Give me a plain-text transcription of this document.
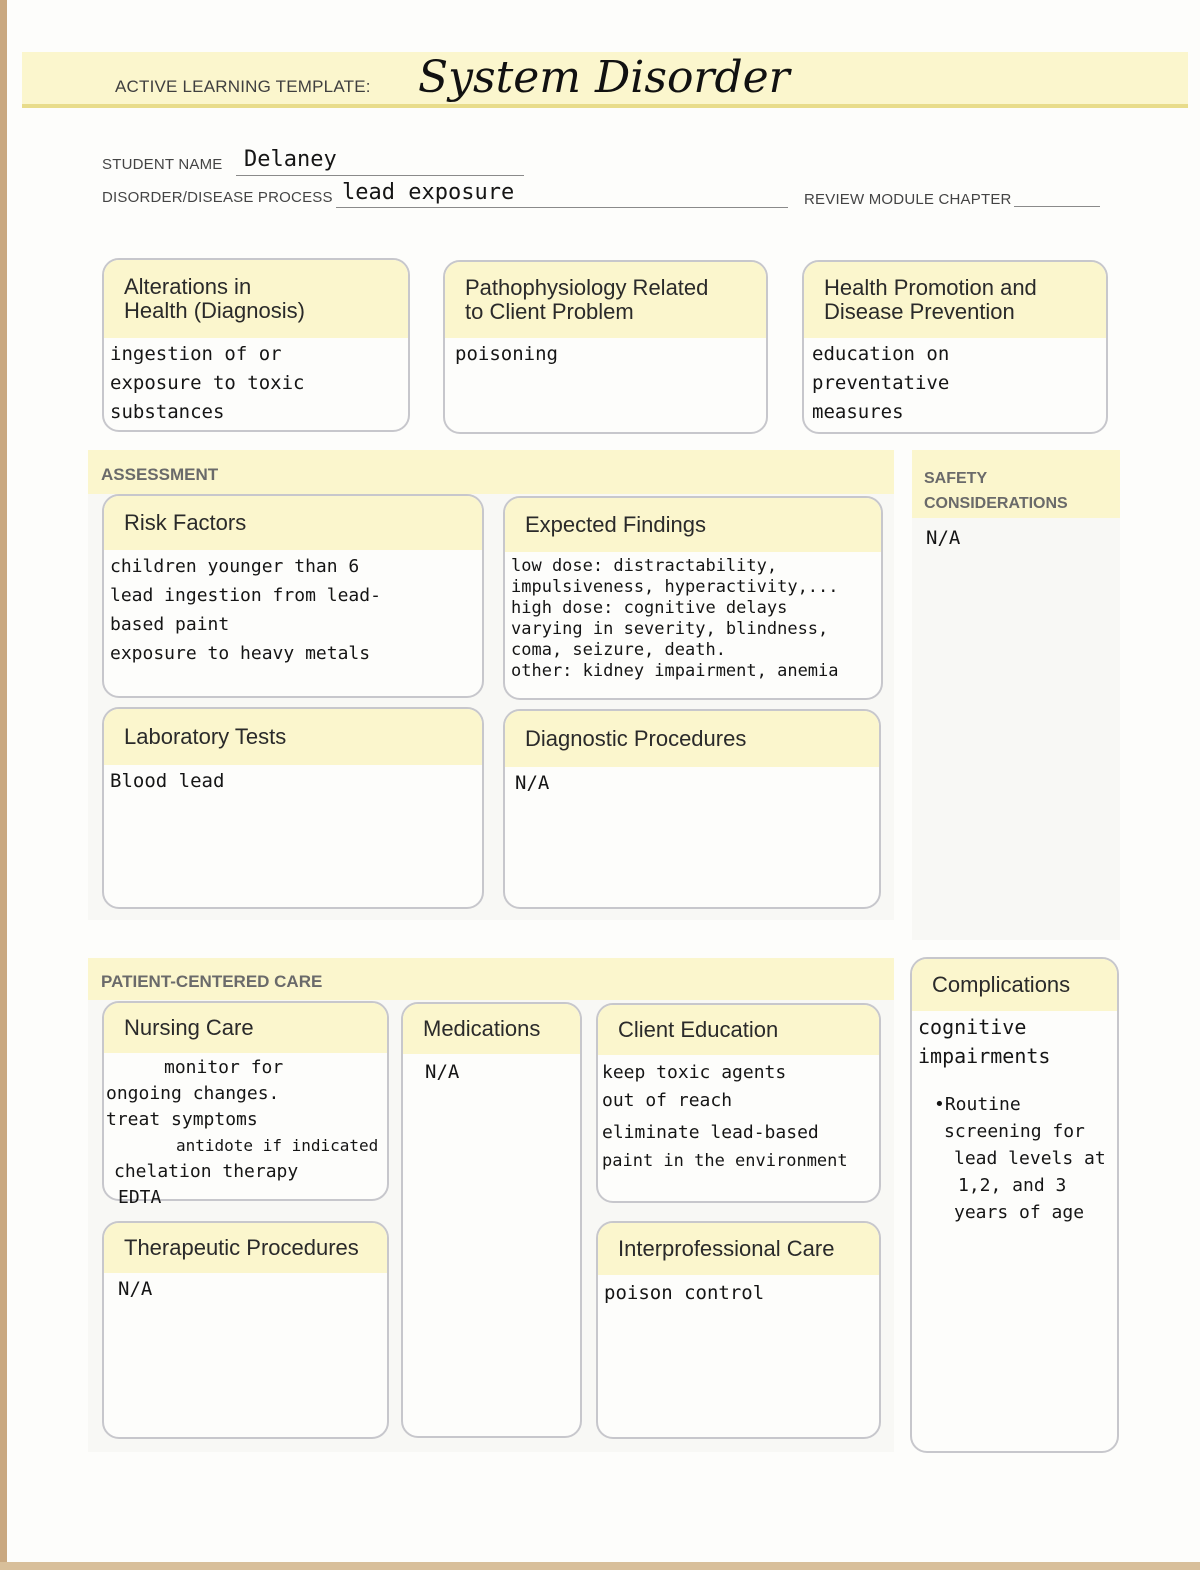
ACTIVE LEARNING TEMPLATE: System Disorder
STUDENT NAME Delaney
DISORDER/DISEASE PROCESS lead exposure	REVIEW MODULE CHAPTER
Alterations in
Health (Diagnosis)
ingestion of or
exposure to toxic
substances
Pathophysiology Related
to Client Problem
poisoning
Health Promotion and
Disease Prevention
education on
preventative
measures
ASSESSMENT	SAFETY
CONSIDERATIONS
N/A
Risk Factors
children younger than 6
lead ingestion from lead-
based paint
exposure to heavy metals
Expected Findings
low dose: distractability,
impulsiveness, hyperactivity,...
high dose: cognitive delays
varying in severity, blindness,
coma, seizure, death.
other: kidney impairment, anemia
Laboratory Tests
Blood lead
Diagnostic Procedures
N/A
PATIENT-CENTERED CARE
Nursing Care
monitor for
ongoing changes.
treat symptoms
antidote if indicated
chelation therapy
EDTA
Medications
N/A
Client Education
keep toxic agents
out of reach
eliminate lead-based
paint in the environment
Therapeutic Procedures
N/A
Interprofessional Care
poison control
Complications
cognitive
impairments
•Routine
screening for
lead levels at
1,2, and 3
years of age
